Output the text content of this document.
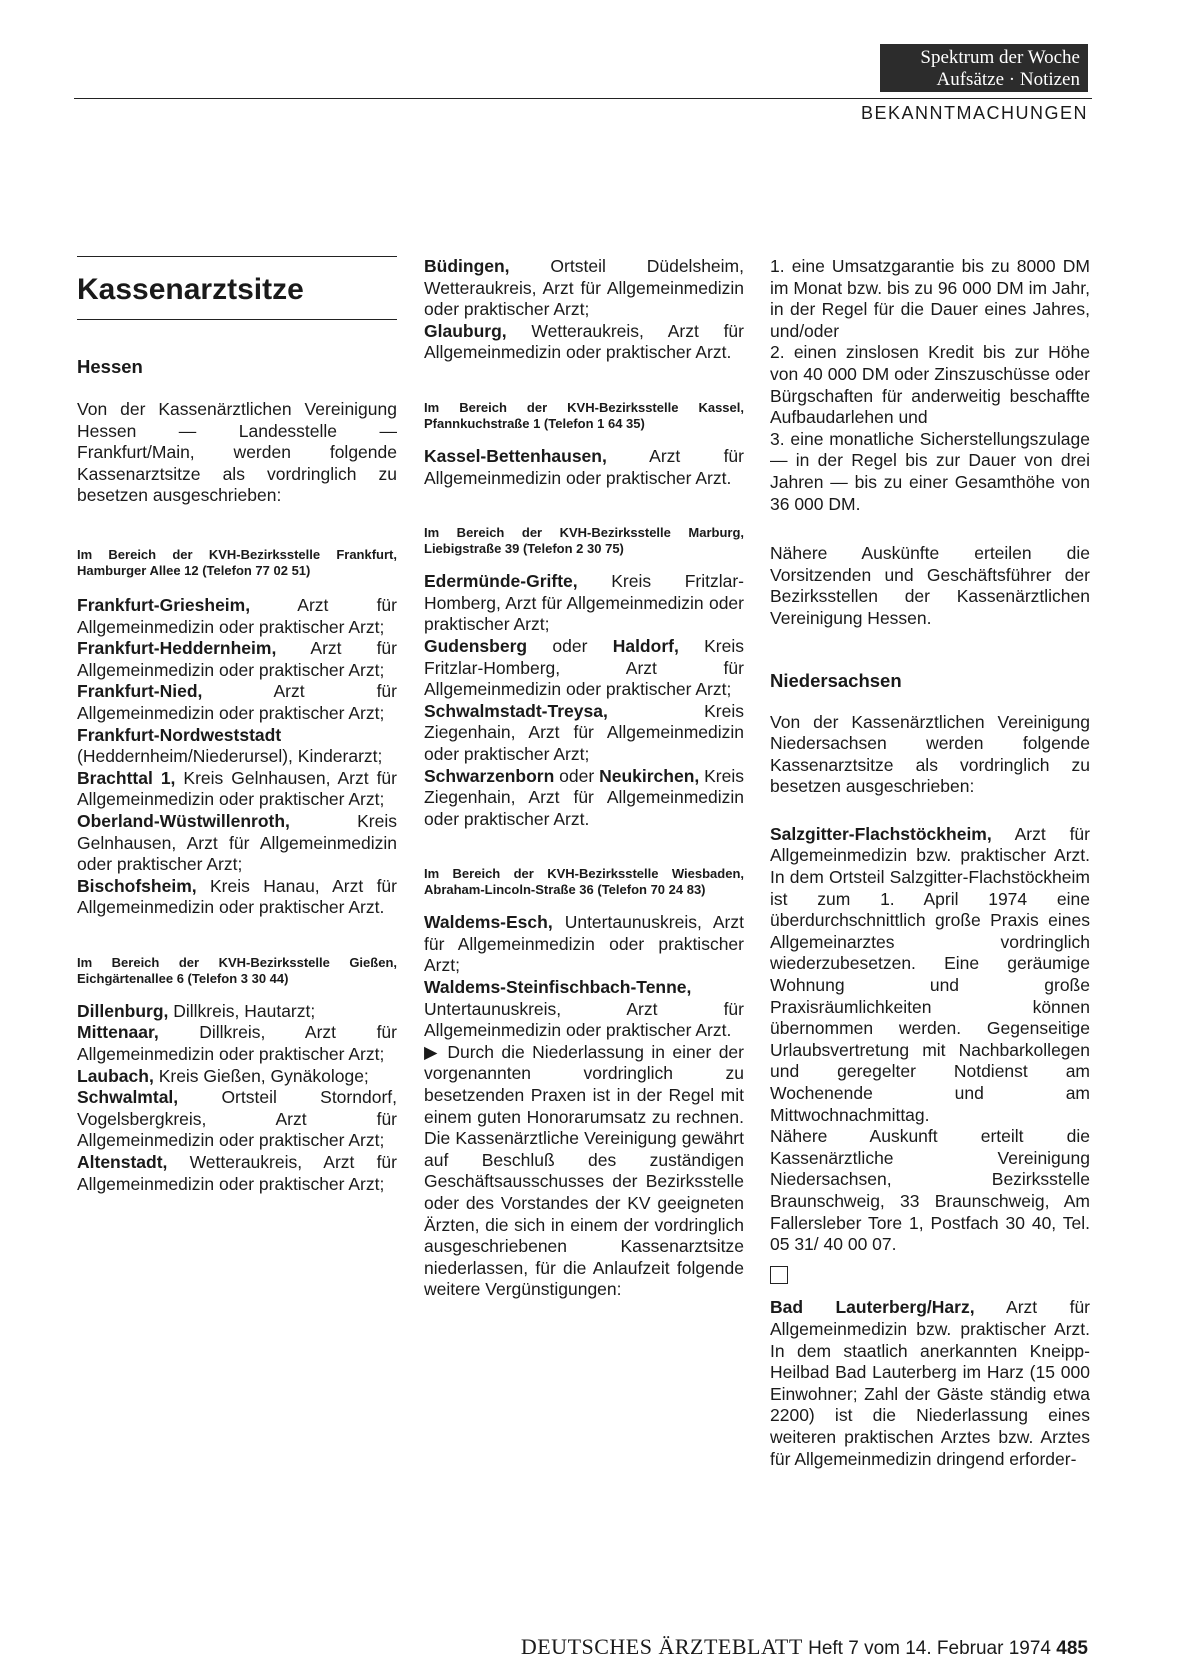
Spektrum der Woche
Aufsätze · Notizen
BEKANNTMACHUNGEN
Kassenarztsitze
Hessen

Von der Kassenärztlichen Vereinigung Hessen — Landesstelle — Frankfurt/Main, werden folgende Kassenarztsitze als vordringlich zu besetzen ausgeschrieben:

Im Bereich der KVH-Bezirksstelle Frankfurt, Hamburger Allee 12 (Telefon 77 02 51)

Frankfurt-Griesheim, Arzt für Allgemeinmedizin oder praktischer Arzt;

Frankfurt-Heddernheim, Arzt für Allgemeinmedizin oder praktischer Arzt;

Frankfurt-Nied, Arzt für Allgemeinmedizin oder praktischer Arzt;

Frankfurt-Nordweststadt (Heddernheim/Niederursel), Kinderarzt;

Brachttal 1, Kreis Gelnhausen, Arzt für Allgemeinmedizin oder praktischer Arzt;

Oberland-Wüstwillenroth, Kreis Gelnhausen, Arzt für Allgemeinmedizin oder praktischer Arzt;

Bischofsheim, Kreis Hanau, Arzt für Allgemeinmedizin oder praktischer Arzt.

Im Bereich der KVH-Bezirksstelle Gießen, Eichgärtenallee 6 (Telefon 3 30 44)

Dillenburg, Dillkreis, Hautarzt;

Mittenaar, Dillkreis, Arzt für Allgemeinmedizin oder praktischer Arzt;

Laubach, Kreis Gießen, Gynäkologe;

Schwalmtal, Ortsteil Storndorf, Vogelsbergkreis, Arzt für Allgemeinmedizin oder praktischer Arzt;

Altenstadt, Wetteraukreis, Arzt für Allgemeinmedizin oder praktischer Arzt;

Büdingen, Ortsteil Düdelsheim, Wetteraukreis, Arzt für Allgemeinmedizin oder praktischer Arzt;

Glauburg, Wetteraukreis, Arzt für Allgemeinmedizin oder praktischer Arzt.

Im Bereich der KVH-Bezirksstelle Kassel, Pfannkuchstraße 1 (Telefon 1 64 35)

Kassel-Bettenhausen, Arzt für Allgemeinmedizin oder praktischer Arzt.

Im Bereich der KVH-Bezirksstelle Marburg, Liebigstraße 39 (Telefon 2 30 75)

Edermünde-Grifte, Kreis Fritzlar-Homberg, Arzt für Allgemeinmedizin oder praktischer Arzt;

Gudensberg oder Haldorf, Kreis Fritzlar-Homberg, Arzt für Allgemeinmedizin oder praktischer Arzt;

Schwalmstadt-Treysa, Kreis Ziegenhain, Arzt für Allgemeinmedizin oder praktischer Arzt;

Schwarzenborn oder Neukirchen, Kreis Ziegenhain, Arzt für Allgemeinmedizin oder praktischer Arzt.

Im Bereich der KVH-Bezirksstelle Wiesbaden, Abraham-Lincoln-Straße 36 (Telefon 70 24 83)

Waldems-Esch, Untertaunuskreis, Arzt für Allgemeinmedizin oder praktischer Arzt;

Waldems-Steinfischbach-Tenne, Untertaunuskreis, Arzt für Allgemeinmedizin oder praktischer Arzt.

▶ Durch die Niederlassung in einer der vorgenannten vordringlich zu besetzenden Praxen ist in der Regel mit einem guten Honorarumsatz zu rechnen. Die Kassenärztliche Vereinigung gewährt auf Beschluß des zuständigen Geschäftsausschusses der Bezirksstelle oder des Vorstandes der KV geeigneten Ärzten, die sich in einem der vordringlich ausgeschriebenen Kassenarztsitze niederlassen, für die Anlaufzeit folgende weitere Vergünstigungen:

1. eine Umsatzgarantie bis zu 8000 DM im Monat bzw. bis zu 96 000 DM im Jahr, in der Regel für die Dauer eines Jahres, und/oder

2. einen zinslosen Kredit bis zur Höhe von 40 000 DM oder Zinszuschüsse oder Bürgschaften für anderweitig beschaffte Aufbaudarlehen und

3. eine monatliche Sicherstellungszulage — in der Regel bis zur Dauer von drei Jahren — bis zu einer Gesamthöhe von 36 000 DM.

Nähere Auskünfte erteilen die Vorsitzenden und Geschäftsführer der Bezirksstellen der Kassenärztlichen Vereinigung Hessen.

Niedersachsen

Von der Kassenärztlichen Vereinigung Niedersachsen werden folgende Kassenarztsitze als vordringlich zu besetzen ausgeschrieben:

Salzgitter-Flachstöckheim, Arzt für Allgemeinmedizin bzw. praktischer Arzt. In dem Ortsteil Salzgitter-Flachstöckheim ist zum 1. April 1974 eine überdurchschnittlich große Praxis eines Allgemeinarztes vordringlich wiederzubesetzen. Eine geräumige Wohnung und große Praxisräumlichkeiten können übernommen werden. Gegenseitige Urlaubsvertretung mit Nachbarkollegen und geregelter Notdienst am Wochenende und am Mittwochnachmittag.

Nähere Auskunft erteilt die Kassenärztliche Vereinigung Niedersachsen, Bezirksstelle Braunschweig, 33 Braunschweig, Am Fallersleber Tore 1, Postfach 30 40, Tel. 05 31/ 40 00 07.

Bad Lauterberg/Harz, Arzt für Allgemeinmedizin bzw. praktischer Arzt. In dem staatlich anerkannten Kneipp-Heilbad Bad Lauterberg im Harz (15 000 Einwohner; Zahl der Gäste ständig etwa 2200) ist die Niederlassung eines weiteren praktischen Arztes bzw. Arztes für Allgemeinmedizin dringend erforder-

DEUTSCHES ÄRZTEBLATT Heft 7 vom 14. Februar 1974 485
